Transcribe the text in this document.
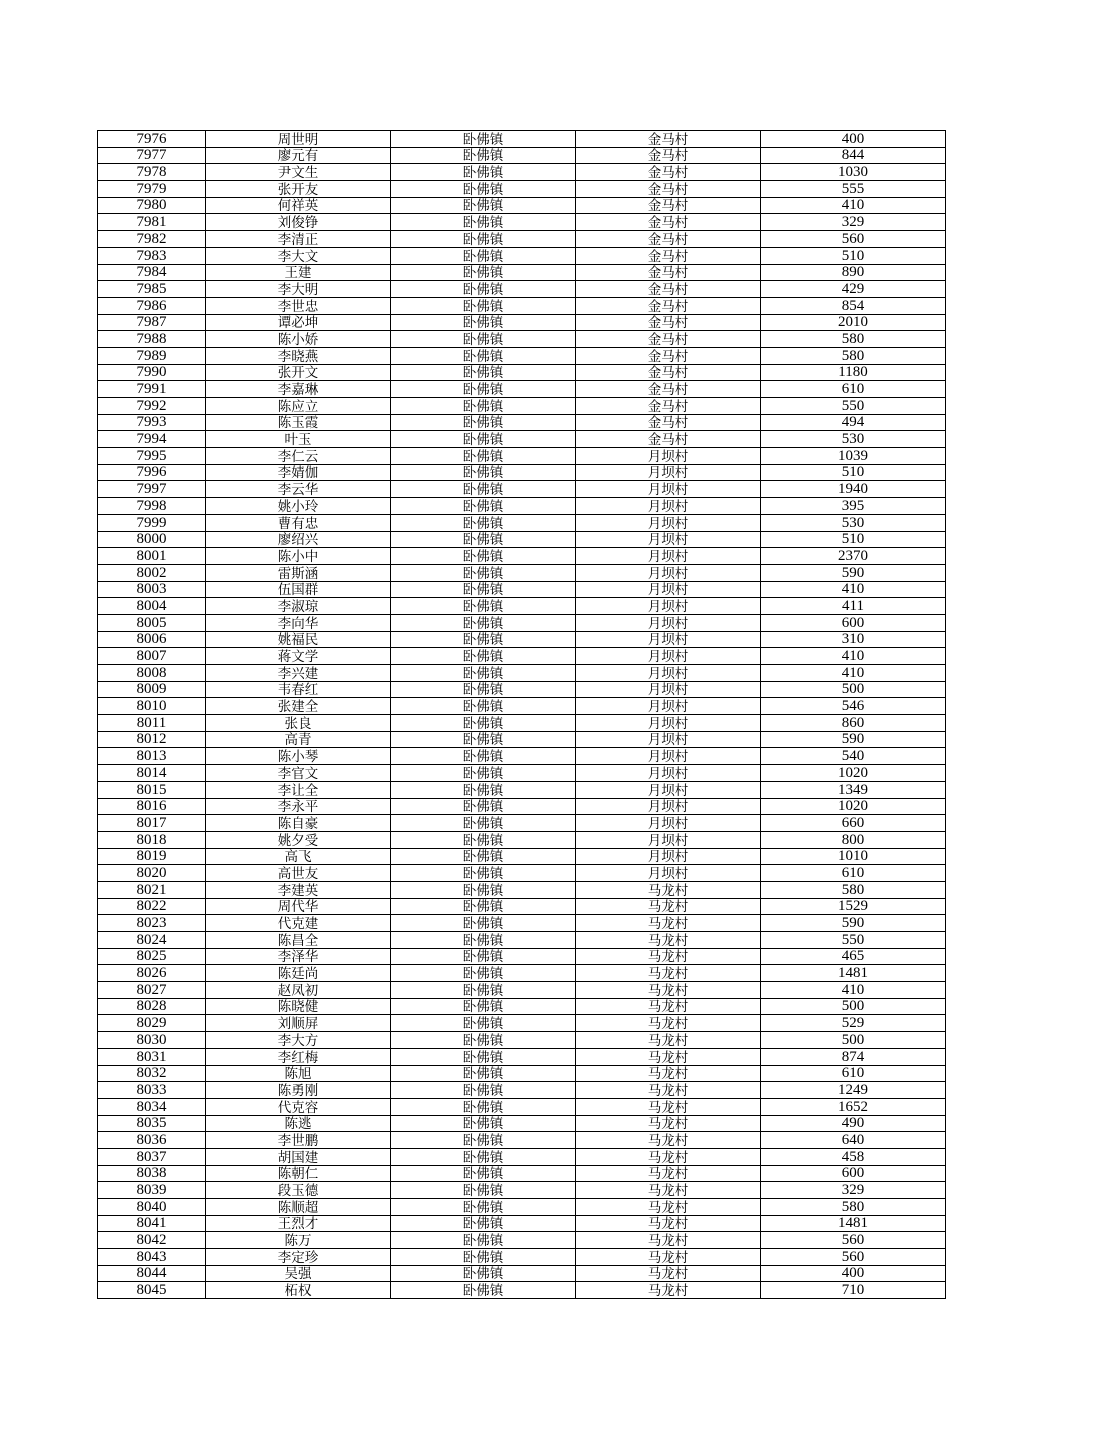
7976	周世明	卧佛镇	金马村	400
7977	廖元有	卧佛镇	金马村	844
7978	尹文生	卧佛镇	金马村	1030
7979	张开友	卧佛镇	金马村	555
7980	何祥英	卧佛镇	金马村	410
7981	刘俊铮	卧佛镇	金马村	329
7982	李清正	卧佛镇	金马村	560
7983	李大文	卧佛镇	金马村	510
7984	王建	卧佛镇	金马村	890
7985	李大明	卧佛镇	金马村	429
7986	李世忠	卧佛镇	金马村	854
7987	谭必坤	卧佛镇	金马村	2010
7988	陈小娇	卧佛镇	金马村	580
7989	李晓燕	卧佛镇	金马村	580
7990	张开文	卧佛镇	金马村	1180
7991	李嘉琳	卧佛镇	金马村	610
7992	陈应立	卧佛镇	金马村	550
7993	陈玉霞	卧佛镇	金马村	494
7994	叶玉	卧佛镇	金马村	530
7995	李仁云	卧佛镇	月坝村	1039
7996	李婧伽	卧佛镇	月坝村	510
7997	李云华	卧佛镇	月坝村	1940
7998	姚小玲	卧佛镇	月坝村	395
7999	曹有忠	卧佛镇	月坝村	530
8000	廖绍兴	卧佛镇	月坝村	510
8001	陈小中	卧佛镇	月坝村	2370
8002	雷斯涵	卧佛镇	月坝村	590
8003	伍国群	卧佛镇	月坝村	410
8004	李淑琼	卧佛镇	月坝村	411
8005	李向华	卧佛镇	月坝村	600
8006	姚福民	卧佛镇	月坝村	310
8007	蒋文学	卧佛镇	月坝村	410
8008	李兴建	卧佛镇	月坝村	410
8009	韦春红	卧佛镇	月坝村	500
8010	张建全	卧佛镇	月坝村	546
8011	张良	卧佛镇	月坝村	860
8012	高青	卧佛镇	月坝村	590
8013	陈小琴	卧佛镇	月坝村	540
8014	李官文	卧佛镇	月坝村	1020
8015	李让全	卧佛镇	月坝村	1349
8016	李永平	卧佛镇	月坝村	1020
8017	陈自豪	卧佛镇	月坝村	660
8018	姚夕受	卧佛镇	月坝村	800
8019	高飞	卧佛镇	月坝村	1010
8020	高世友	卧佛镇	月坝村	610
8021	李建英	卧佛镇	马龙村	580
8022	周代华	卧佛镇	马龙村	1529
8023	代克建	卧佛镇	马龙村	590
8024	陈昌全	卧佛镇	马龙村	550
8025	李泽华	卧佛镇	马龙村	465
8026	陈廷尚	卧佛镇	马龙村	1481
8027	赵凤初	卧佛镇	马龙村	410
8028	陈晓健	卧佛镇	马龙村	500
8029	刘顺屏	卧佛镇	马龙村	529
8030	李大方	卧佛镇	马龙村	500
8031	李红梅	卧佛镇	马龙村	874
8032	陈旭	卧佛镇	马龙村	610
8033	陈勇刚	卧佛镇	马龙村	1249
8034	代克容	卧佛镇	马龙村	1652
8035	陈逃	卧佛镇	马龙村	490
8036	李世鹏	卧佛镇	马龙村	640
8037	胡国建	卧佛镇	马龙村	458
8038	陈朝仁	卧佛镇	马龙村	600
8039	段玉德	卧佛镇	马龙村	329
8040	陈顺超	卧佛镇	马龙村	580
8041	王烈才	卧佛镇	马龙村	1481
8042	陈万	卧佛镇	马龙村	560
8043	李定珍	卧佛镇	马龙村	560
8044	吴强	卧佛镇	马龙村	400
8045	柘权	卧佛镇	马龙村	710
